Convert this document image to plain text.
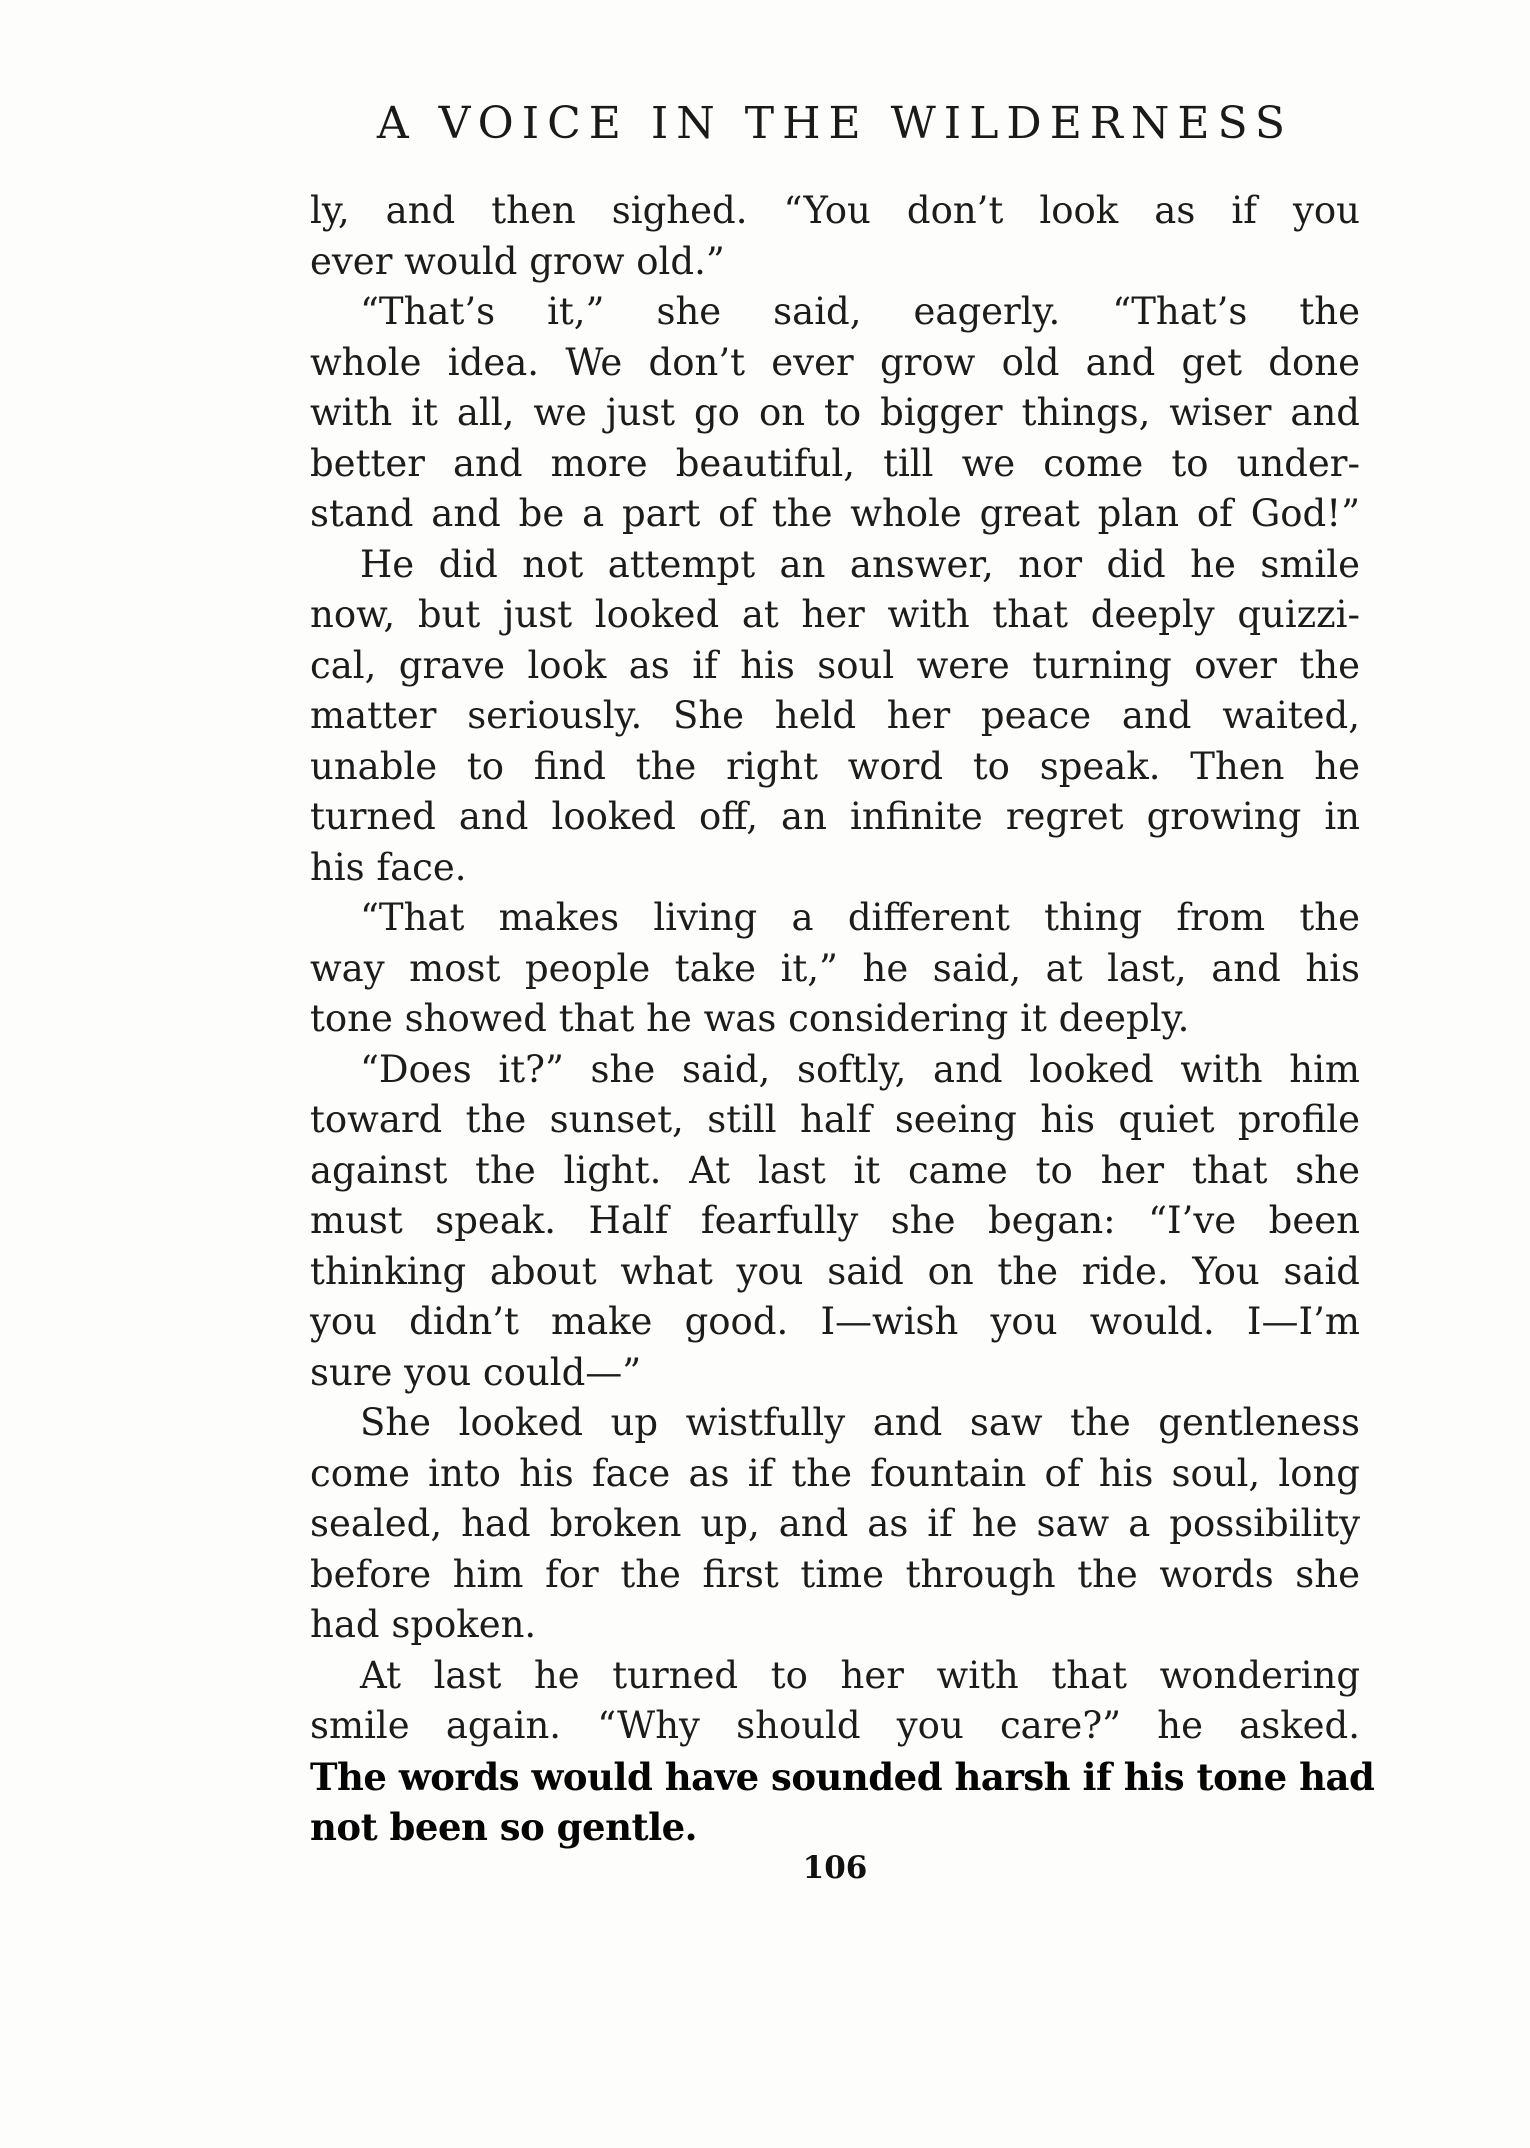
A VOICE IN THE WILDERNESS

ly, and then sighed. “You don’t look as if you

ever would grow old.”

“That’s it,” she said, eagerly. “That’s the

whole idea. We don’t ever grow old and get done

with it all, we just go on to bigger things, wiser and

better and more beautiful, till we come to under-

stand and be a part of the whole great plan of God!”

He did not attempt an answer, nor did he smile

now, but just looked at her with that deeply quizzi-

cal, grave look as if his soul were turning over the

matter seriously. She held her peace and waited,

unable to find the right word to speak. Then he

turned and looked off, an infinite regret growing in

his face.

“That makes living a different thing from the

way most people take it,” he said, at last, and his

tone showed that he was considering it deeply.

“Does it?” she said, softly, and looked with him

toward the sunset, still half seeing his quiet profile

against the light. At last it came to her that she

must speak. Half fearfully she began: “I’ve been

thinking about what you said on the ride. You said

you didn’t make good. I—wish you would. I—I’m

sure you could—”

She looked up wistfully and saw the gentleness

come into his face as if the fountain of his soul, long

sealed, had broken up, and as if he saw a possibility

before him for the first time through the words she

had spoken.

At last he turned to her with that wondering

smile again. “Why should you care?” he asked.

The words would have sounded harsh if his tone had

not been so gentle.

106
